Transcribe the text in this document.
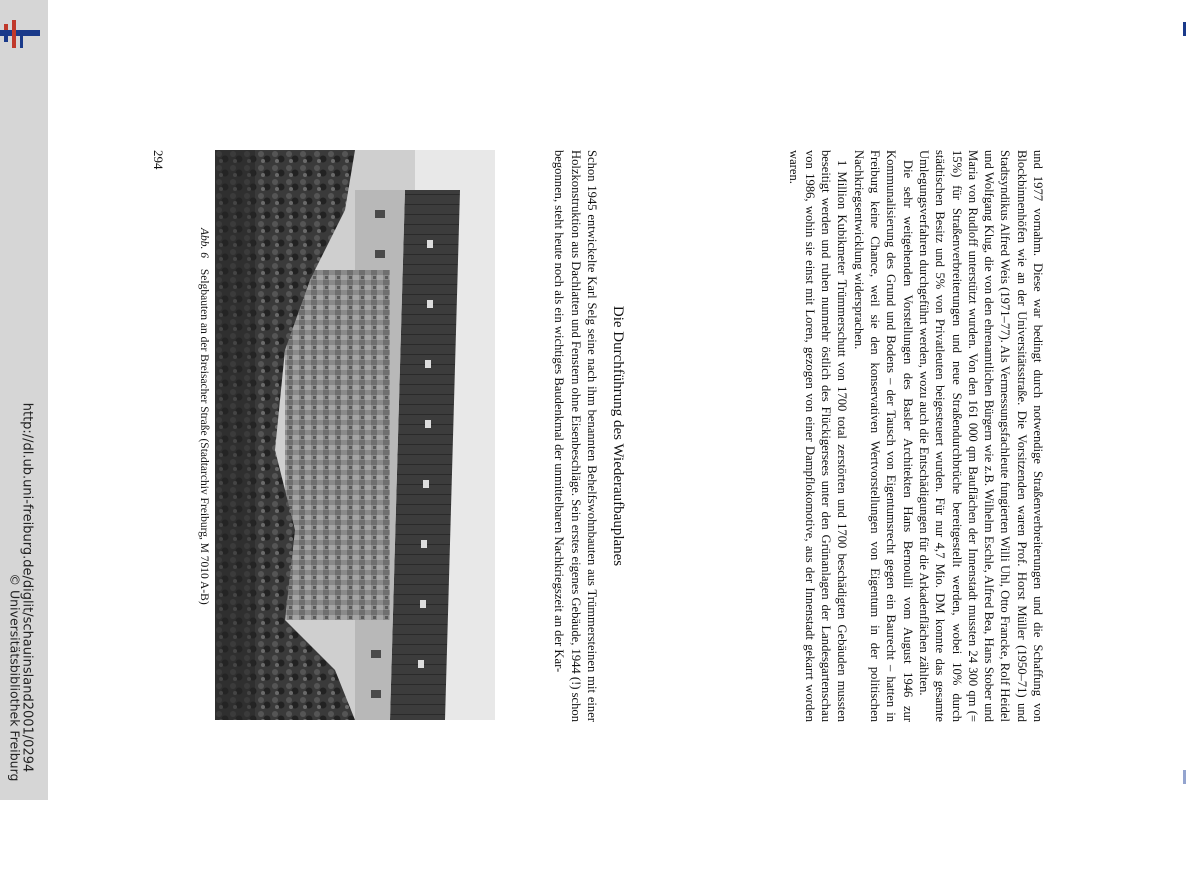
http://dl.ub.uni-freiburg.de/diglit/schauinsland2001/0294
© Universitätsbibliothek Freiburg	und 1977 vornahm. Diese war bedingt durch notwendige Straßenverbreiterungen und die Schaffung von Blockbinnenhöfen wie an der Universitätsstraße. Die Vorsitzenden waren Prof. Horst Müller (1950–71) und Stadtsyndikus Alfred Weis (1971–77). Als Vermessungsfachleute fungierten Willi Uhl, Otto Francke, Rolf Heidel und Wolfgang Klug, die von den ehrenamtlichen Bürgern wie z.B. Wilhelm Eschle, Alfred Bea, Hans Stober und Maria von Rudloff unterstützt wurden. Von den 161 000 qm Bauflächen der Innenstadt mussten 24 300 qm (= 15%) für Straßenverbreiterungen und neue Straßendurchbrüche bereitgestellt werden, wobei 10% durch städtischen Besitz und 5% von Privatleuten beigesteuert wurden. Für nur 4,7 Mio. DM konnte das gesamte Umlegungsverfahren durchgeführt werden, wozu auch die Entschädigungen für die Arkadenflächen zählten.

Die sehr weitgehenden Vorstellungen des Basler Architekten Hans Bernoulli vom August 1946 zur Kommunalisierung des Grund und Bodens – der Tausch von Eigentumsrecht gegen ein Baurecht – hatten in Freiburg keine Chance, weil sie den konservativen Wertvorstellungen von Eigentum in der politischen Nachkriegsentwicklung widersprachen.

1 Million Kubikmeter Trümmerschutt von 1700 total zerstörten und 1700 beschädigten Gebäuden mussten beseitigt werden und ruhen nunmehr östlich des Flückigersees unter den Grünanlagen der Landesgartenschau von 1986, wohin sie einst mit Loren, gezogen von einer Dampflokomotive, aus der Innenstadt gekarrt worden waren.

Die Durchführung des Wiederaufbauplanes

Schon 1945 entwickelte Karl Selg seine nach ihm benannten Behelfswohnbauten aus Trümmersteinen mit einer Holzkonstruktion aus Dachlatten und Fenstern ohne Eisenbeschläge. Sein erstes eigenes Gebäude, 1944 (!) schon begonnen, steht heute noch als ein wichtiges Baudenkmal der unmittelbaren Nachkriegszeit an der Kar-

Abb. 6 Selgbauten an der Breisacher Straße (Stadtarchiv Freiburg, M 7010 A-B)
294
